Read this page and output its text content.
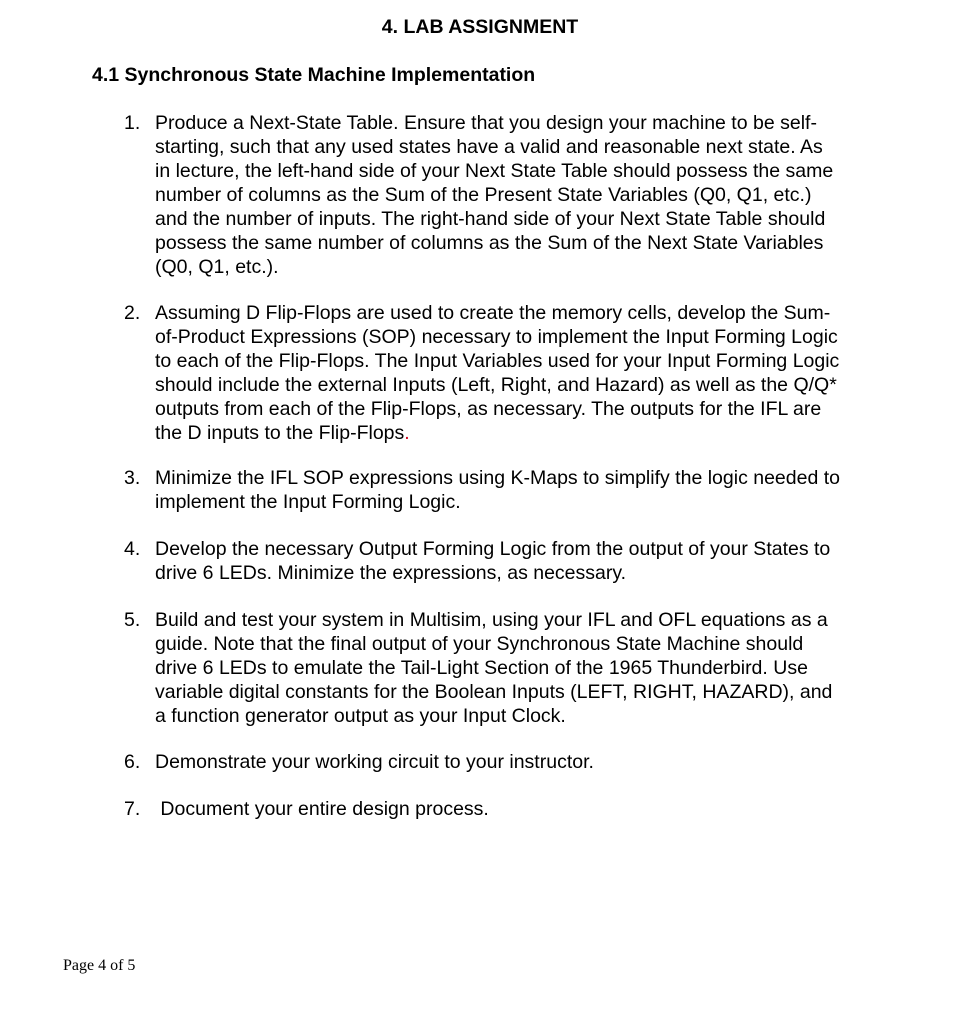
4. LAB ASSIGNMENT
4.1 Synchronous State Machine Implementation
1. Produce a Next-State Table. Ensure that you design your machine to be self-
starting, such that any used states have a valid and reasonable next state. As
in lecture, the left-hand side of your Next State Table should possess the same
number of columns as the Sum of the Present State Variables (Q0, Q1, etc.)
and the number of inputs. The right-hand side of your Next State Table should
possess the same number of columns as the Sum of the Next State Variables
(Q0, Q1, etc.).
2. Assuming D Flip-Flops are used to create the memory cells, develop the Sum-
of-Product Expressions (SOP) necessary to implement the Input Forming Logic
to each of the Flip-Flops. The Input Variables used for your Input Forming Logic
should include the external Inputs (Left, Right, and Hazard) as well as the Q/Q*
outputs from each of the Flip-Flops, as necessary. The outputs for the IFL are
the D inputs to the Flip-Flops.
3. Minimize the IFL SOP expressions using K-Maps to simplify the logic needed to
implement the Input Forming Logic.
4. Develop the necessary Output Forming Logic from the output of your States to
drive 6 LEDs. Minimize the expressions, as necessary.
5. Build and test your system in Multisim, using your IFL and OFL equations as a
guide. Note that the final output of your Synchronous State Machine should
drive 6 LEDs to emulate the Tail-Light Section of the 1965 Thunderbird. Use
variable digital constants for the Boolean Inputs (LEFT, RIGHT, HAZARD), and
a function generator output as your Input Clock.
6. Demonstrate your working circuit to your instructor.
7. Document your entire design process.
Page 4 of 5
